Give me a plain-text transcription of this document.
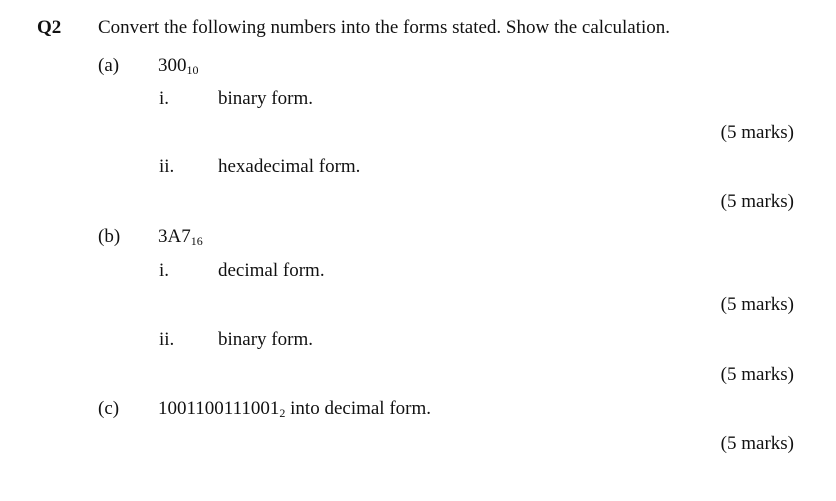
Q2 Convert the following numbers into the forms stated. Show the calculation.
(a) 30010
i.	binary form.
(5 marks)
ii. hexadecimal form.
(5 marks)
(b) 3A716
i.	decimal form.
(5 marks)
ii. binary form.
(5 marks)
(c) 10011001110012 into decimal form.
(5 marks)
